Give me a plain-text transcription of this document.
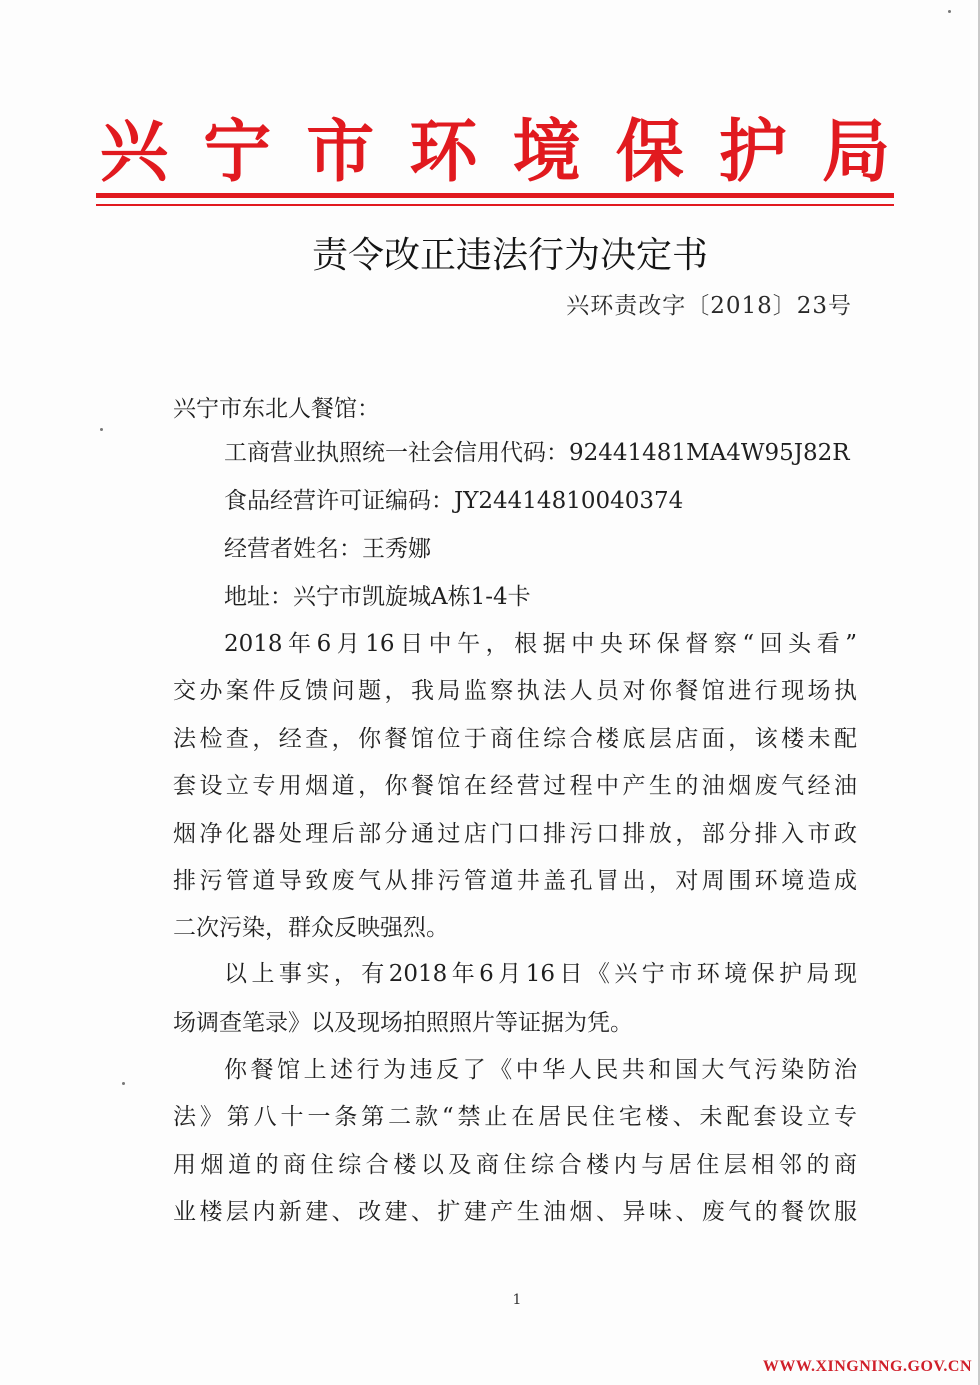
兴 宁 市 环 境 保 护 局
责令改正违法行为决定书
兴环责改字〔2018〕23号
兴宁市东北人餐馆：
工商营业执照统一社会信用代码：92441481MA4W95J82R
食品经营许可证编码：JY24414810040374
经营者姓名：王秀娜
地址：兴宁市凯旋城A栋1-4卡
2018年6月16日中午，根据中央环保督察“回头看”
交办案件反馈问题，我局监察执法人员对你餐馆进行现场执
法检查，经查，你餐馆位于商住综合楼底层店面，该楼未配
套设立专用烟道，你餐馆在经营过程中产生的油烟废气经油
烟净化器处理后部分通过店门口排污口排放，部分排入市政
排污管道导致废气从排污管道井盖孔冒出，对周围环境造成
二次污染，群众反映强烈。
以上事实，有2018年6月16日《兴宁市环境保护局现
场调查笔录》以及现场拍照照片等证据为凭。
你餐馆上述行为违反了《中华人民共和国大气污染防治
法》第八十一条第二款“禁止在居民住宅楼、未配套设立专
用烟道的商住综合楼以及商住综合楼内与居住层相邻的商
业楼层内新建、改建、扩建产生油烟、异味、废气的餐饮服
1
WWW.XINGNING.GOV.CN
